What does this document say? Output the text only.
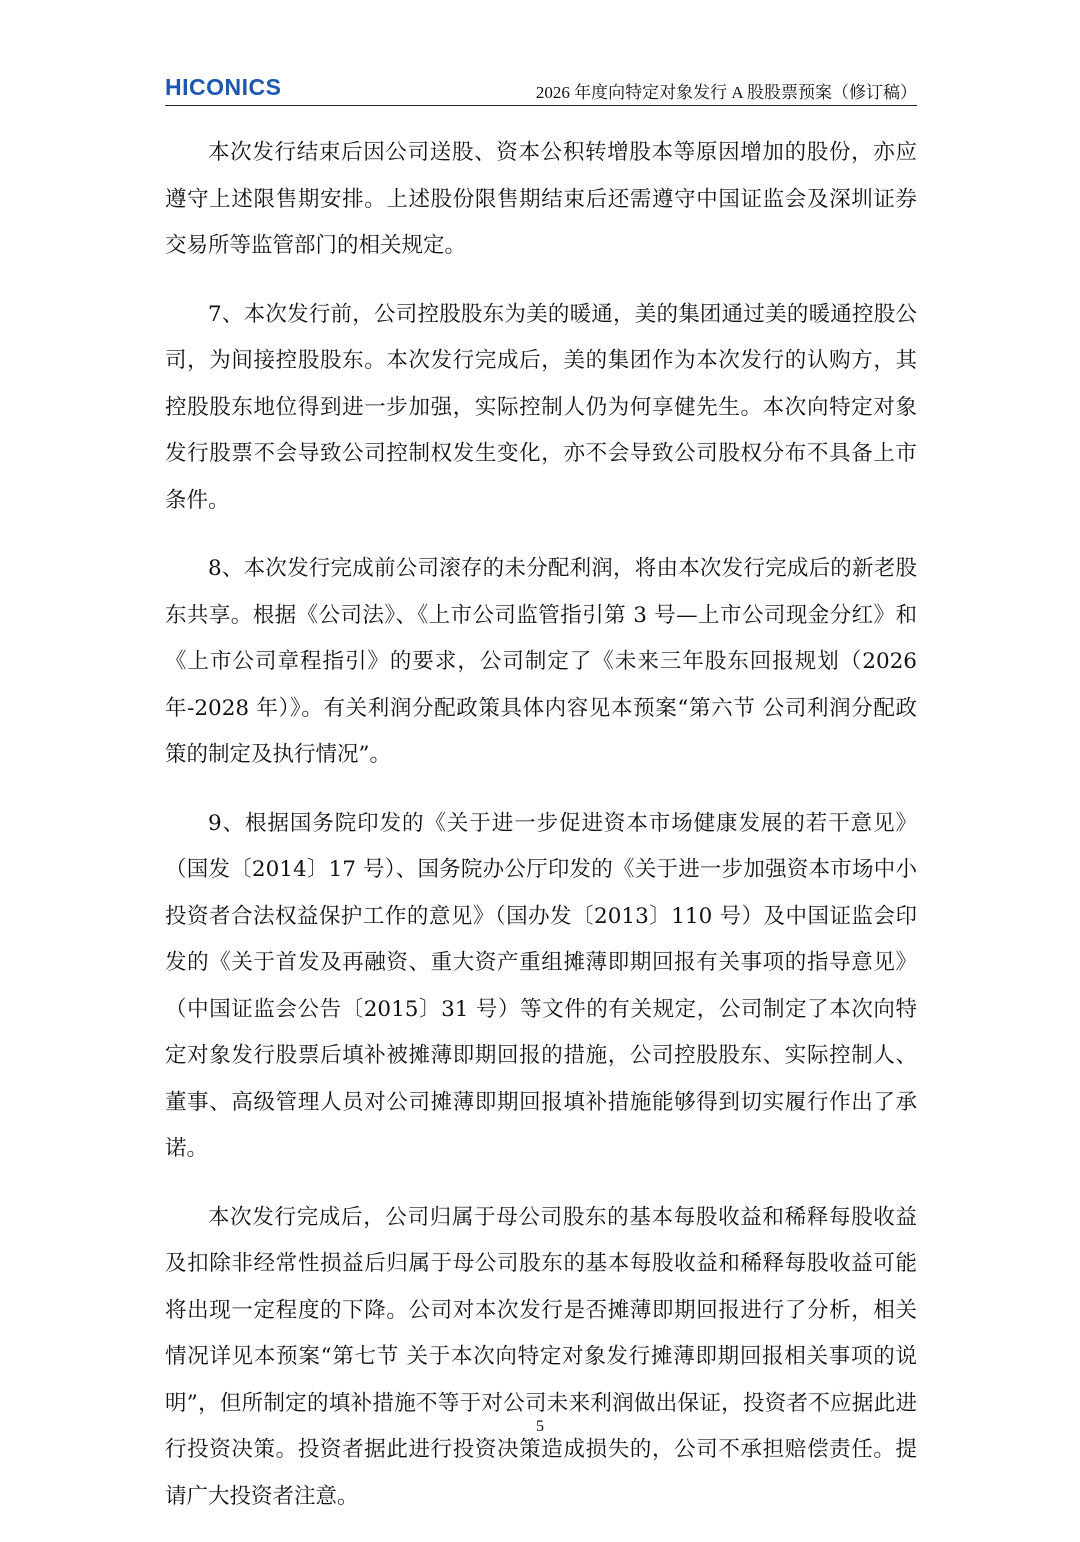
HICONICS	2026 年度向特定对象发行 A 股股票预案（修订稿）

本次发行结束后因公司送股、资本公积转增股本等原因增加的股份，亦应遵守上述限售期安排。上述股份限售期结束后还需遵守中国证监会及深圳证券交易所等监管部门的相关规定。

7、本次发行前，公司控股股东为美的暖通，美的集团通过美的暖通控股公司，为间接控股股东。本次发行完成后，美的集团作为本次发行的认购方，其控股股东地位得到进一步加强，实际控制人仍为何享健先生。本次向特定对象发行股票不会导致公司控制权发生变化，亦不会导致公司股权分布不具备上市条件。

8、本次发行完成前公司滚存的未分配利润，将由本次发行完成后的新老股东共享。根据《公司法》、《上市公司监管指引第 3 号—上市公司现金分红》和《上市公司章程指引》的要求，公司制定了《未来三年股东回报规划（2026 年-2028 年）》。有关利润分配政策具体内容见本预案“第六节 公司利润分配政策的制定及执行情况”。

9、根据国务院印发的《关于进一步促进资本市场健康发展的若干意见》（国发〔2014〕17 号）、国务院办公厅印发的《关于进一步加强资本市场中小投资者合法权益保护工作的意见》（国办发〔2013〕110 号）及中国证监会印发的《关于首发及再融资、重大资产重组摊薄即期回报有关事项的指导意见》（中国证监会公告〔2015〕31 号）等文件的有关规定，公司制定了本次向特定对象发行股票后填补被摊薄即期回报的措施，公司控股股东、实际控制人、董事、高级管理人员对公司摊薄即期回报填补措施能够得到切实履行作出了承诺。

本次发行完成后，公司归属于母公司股东的基本每股收益和稀释每股收益及扣除非经常性损益后归属于母公司股东的基本每股收益和稀释每股收益可能将出现一定程度的下降。公司对本次发行是否摊薄即期回报进行了分析，相关情况详见本预案“第七节 关于本次向特定对象发行摊薄即期回报相关事项的说明”，但所制定的填补措施不等于对公司未来利润做出保证，投资者不应据此进行投资决策。投资者据此进行投资决策造成损失的，公司不承担赔偿责任。提请广大投资者注意。

5
